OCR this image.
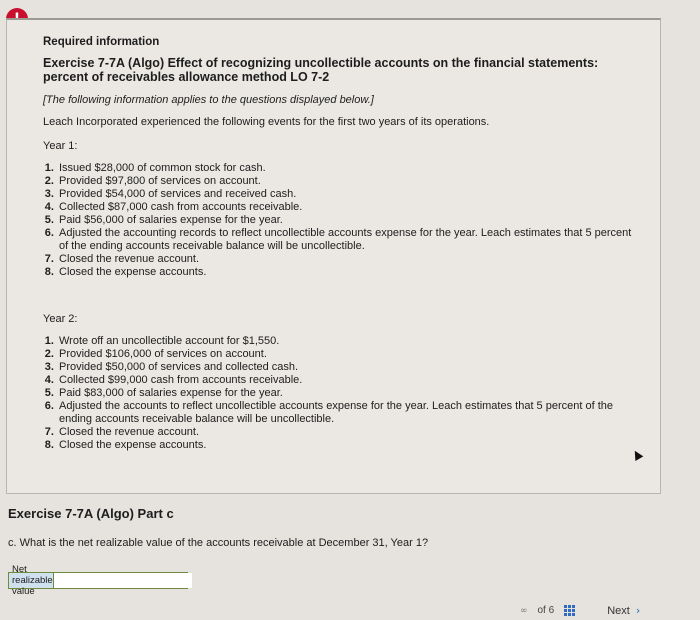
Required information

Exercise 7-7A (Algo) Effect of recognizing uncollectible accounts on the financial statements: percent of receivables allowance method LO 7-2

[The following information applies to the questions displayed below.]

Leach Incorporated experienced the following events for the first two years of its operations.

Year 1:

1. Issued $28,000 of common stock for cash.
2. Provided $97,800 of services on account.
3. Provided $54,000 of services and received cash.
4. Collected $87,000 cash from accounts receivable.
5. Paid $56,000 of salaries expense for the year.
6. Adjusted the accounting records to reflect uncollectible accounts expense for the year. Leach estimates that 5 percent of the ending accounts receivable balance will be uncollectible.
7. Closed the revenue account.
8. Closed the expense accounts.

Year 2:

1. Wrote off an uncollectible account for $1,550.
2. Provided $106,000 of services on account.
3. Provided $50,000 of services and collected cash.
4. Collected $99,000 cash from accounts receivable.
5. Paid $83,000 of salaries expense for the year.
6. Adjusted the accounts to reflect uncollectible accounts expense for the year. Leach estimates that 5 percent of the ending accounts receivable balance will be uncollectible.
7. Closed the revenue account.
8. Closed the expense accounts.
▲
Exercise 7-7A (Algo) Part c
c. What is the net realizable value of the accounts receivable at December 31, Year 1?
Net realizable value
∞ of 6	Next ›
